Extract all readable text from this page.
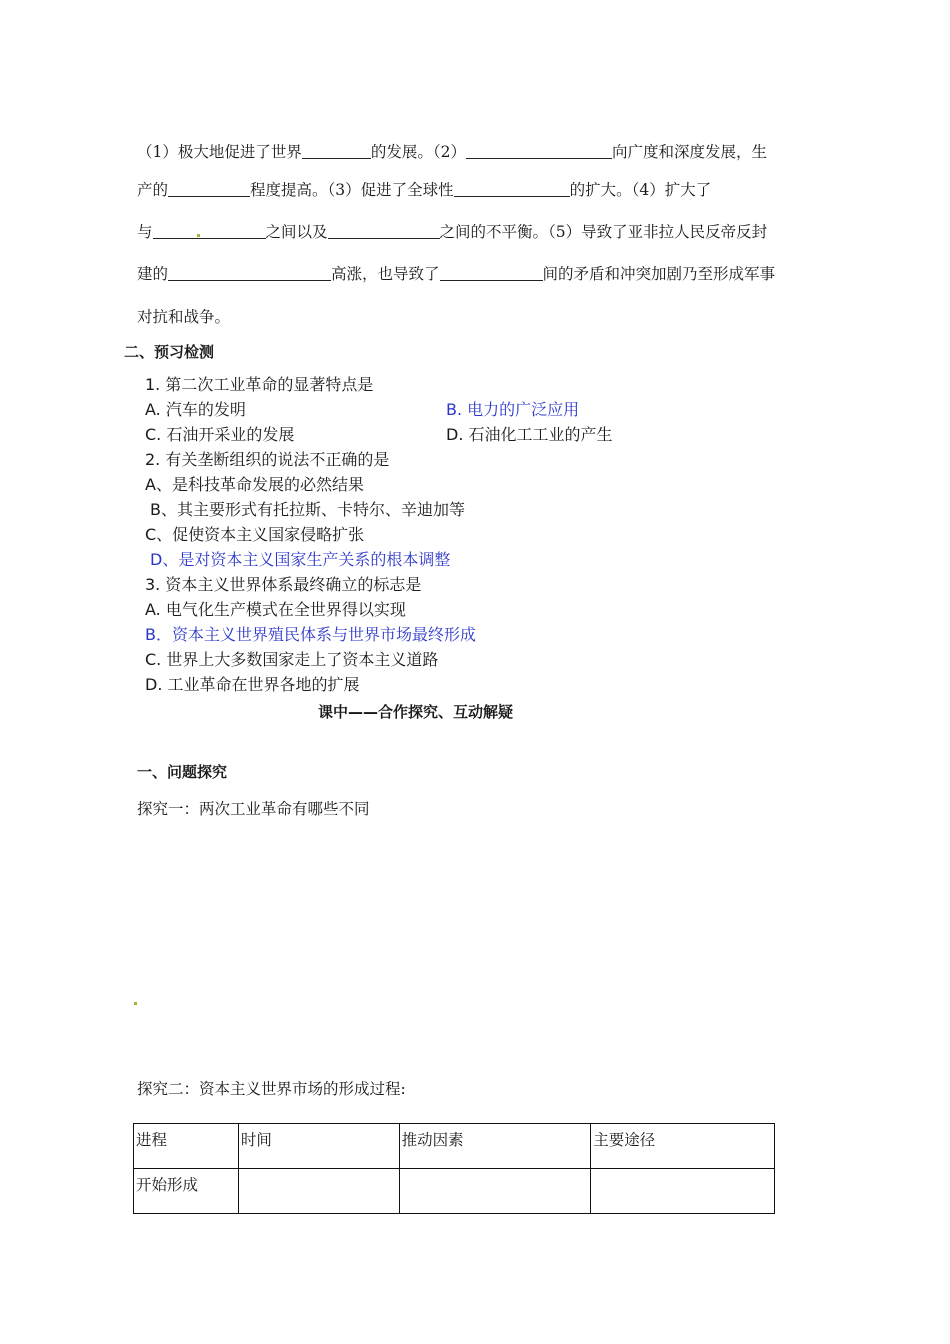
（1）极大地促进了世界	的发展。（2）	向广度和深度发展，生
产的	程度提高。（3）促进了全球性	的扩大。（4）扩大了
与	之间以及	之间的不平衡。（5）导致了亚非拉人民反帝反封
建的	高涨，也导致了	间的矛盾和冲突加剧乃至形成军事
对抗和战争。
二、预习检测
1. 第二次工业革命的显著特点是
A. 汽车的发明	B. 电力的广泛应用
C. 石油开采业的发展	D. 石油化工工业的产生
2. 有关垄断组织的说法不正确的是
A、是科技革命发展的必然结果
B、其主要形式有托拉斯、卡特尔、辛迪加等
C、促使资本主义国家侵略扩张
D、是对资本主义国家生产关系的根本调整
3. 资本主义世界体系最终确立的标志是
A. 电气化生产模式在全世界得以实现
B．资本主义世界殖民体系与世界市场最终形成
C. 世界上大多数国家走上了资本主义道路
D. 工业革命在世界各地的扩展
课中——合作探究、互动解疑
一、问题探究
探究一：两次工业革命有哪些不同
探究二：资本主义世界市场的形成过程:
进程	时间	推动因素	主要途径
开始形成			
